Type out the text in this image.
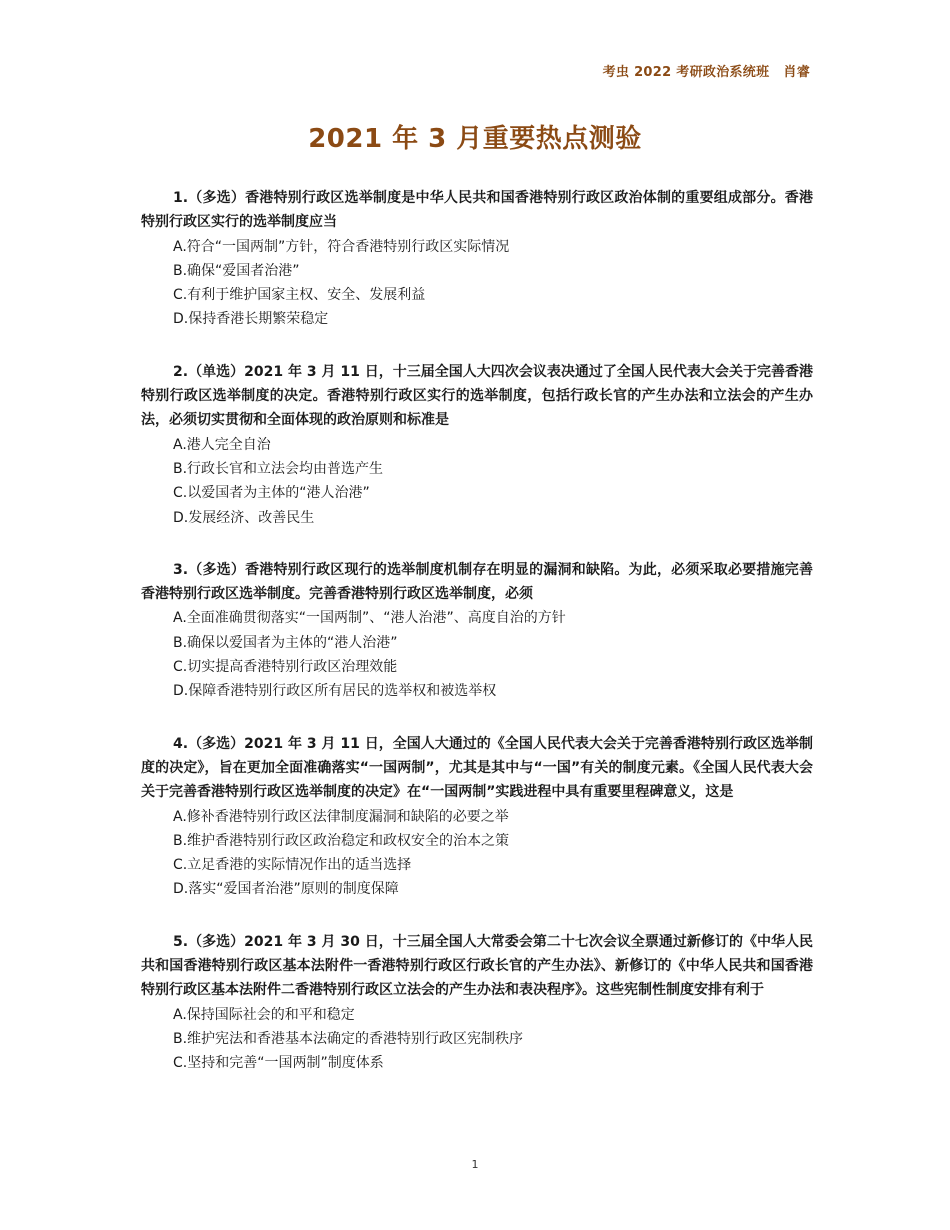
考虫 2022 考研政治系统班 肖睿
2021 年 3 月重要热点测验

1.（多选）香港特别行政区选举制度是中华人民共和国香港特别行政区政治体制的重要组成部分。香港特别行政区实行的选举制度应当

A.符合“一国两制”方针，符合香港特别行政区实际情况

B.确保“爱国者治港”

C.有利于维护国家主权、安全、发展利益

D.保持香港长期繁荣稳定

2.（单选）2021 年 3 月 11 日，十三届全国人大四次会议表决通过了全国人民代表大会关于完善香港特别行政区选举制度的决定。香港特别行政区实行的选举制度，包括行政长官的产生办法和立法会的产生办法，必须切实贯彻和全面体现的政治原则和标准是

A.港人完全自治

B.行政长官和立法会均由普选产生

C.以爱国者为主体的“港人治港”

D.发展经济、改善民生

3.（多选）香港特别行政区现行的选举制度机制存在明显的漏洞和缺陷。为此，必须采取必要措施完善香港特别行政区选举制度。完善香港特别行政区选举制度，必须

A.全面准确贯彻落实“一国两制”、“港人治港”、高度自治的方针

B.确保以爱国者为主体的“港人治港”

C.切实提高香港特别行政区治理效能

D.保障香港特别行政区所有居民的选举权和被选举权

4.（多选）2021 年 3 月 11 日，全国人大通过的《全国人民代表大会关于完善香港特别行政区选举制度的决定》，旨在更加全面准确落实“一国两制”，尤其是其中与“一国”有关的制度元素。《全国人民代表大会关于完善香港特别行政区选举制度的决定》在“一国两制”实践进程中具有重要里程碑意义，这是

A.修补香港特别行政区法律制度漏洞和缺陷的必要之举

B.维护香港特别行政区政治稳定和政权安全的治本之策

C.立足香港的实际情况作出的适当选择

D.落实“爱国者治港”原则的制度保障

5.（多选）2021 年 3 月 30 日，十三届全国人大常委会第二十七次会议全票通过新修订的《中华人民共和国香港特别行政区基本法附件一香港特别行政区行政长官的产生办法》、新修订的《中华人民共和国香港特别行政区基本法附件二香港特别行政区立法会的产生办法和表决程序》。这些宪制性制度安排有利于

A.保持国际社会的和平和稳定

B.维护宪法和香港基本法确定的香港特别行政区宪制秩序

C.坚持和完善“一国两制”制度体系

1
